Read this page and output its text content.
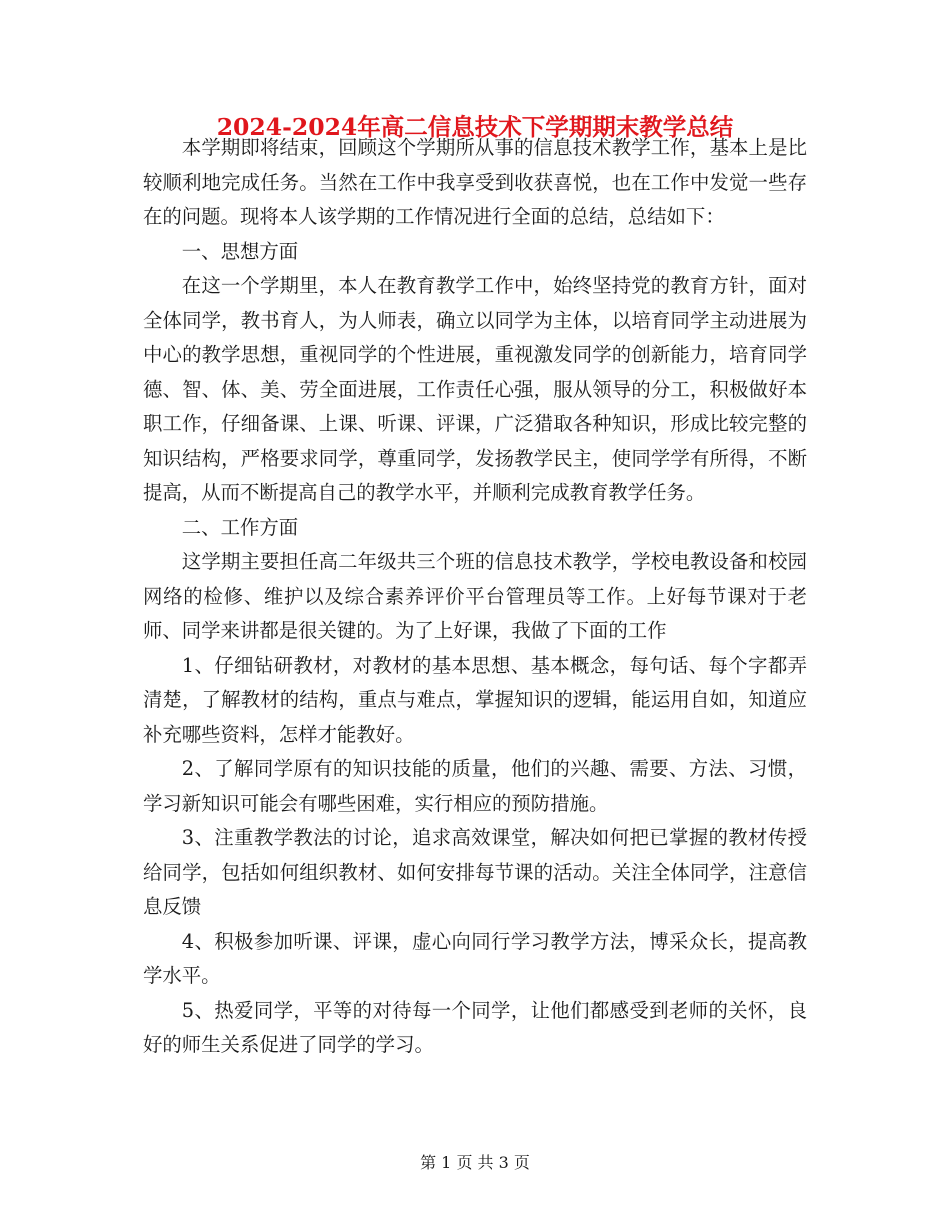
2024-2024年高二信息技术下学期期末教学总结

本学期即将结束，回顾这个学期所从事的信息技术教学工作，基本上是比较顺利地完成任务。当然在工作中我享受到收获喜悦，也在工作中发觉一些存在的问题。现将本人该学期的工作情况进行全面的总结，总结如下：

一、思想方面

在这一个学期里，本人在教育教学工作中，始终坚持党的教育方针，面对全体同学，教书育人，为人师表，确立以同学为主体，以培育同学主动进展为中心的教学思想，重视同学的个性进展，重视激发同学的创新能力，培育同学德、智、体、美、劳全面进展，工作责任心强，服从领导的分工，积极做好本职工作，仔细备课、上课、听课、评课，广泛猎取各种知识，形成比较完整的知识结构，严格要求同学，尊重同学，发扬教学民主，使同学学有所得，不断提高，从而不断提高自己的教学水平，并顺利完成教育教学任务。

二、工作方面

这学期主要担任高二年级共三个班的信息技术教学，学校电教设备和校园网络的检修、维护以及综合素养评价平台管理员等工作。上好每节课对于老师、同学来讲都是很关键的。为了上好课，我做了下面的工作

1、仔细钻研教材，对教材的基本思想、基本概念，每句话、每个字都弄清楚，了解教材的结构，重点与难点，掌握知识的逻辑，能运用自如，知道应补充哪些资料，怎样才能教好。

2、了解同学原有的知识技能的质量，他们的兴趣、需要、方法、习惯，学习新知识可能会有哪些困难，实行相应的预防措施。

3、注重教学教法的讨论，追求高效课堂，解决如何把已掌握的教材传授给同学，包括如何组织教材、如何安排每节课的活动。关注全体同学，注意信息反馈

4、积极参加听课、评课，虚心向同行学习教学方法，博采众长，提高教学水平。

5、热爱同学，平等的对待每一个同学，让他们都感受到老师的关怀，良好的师生关系促进了同学的学习。

第 1 页 共 3 页
